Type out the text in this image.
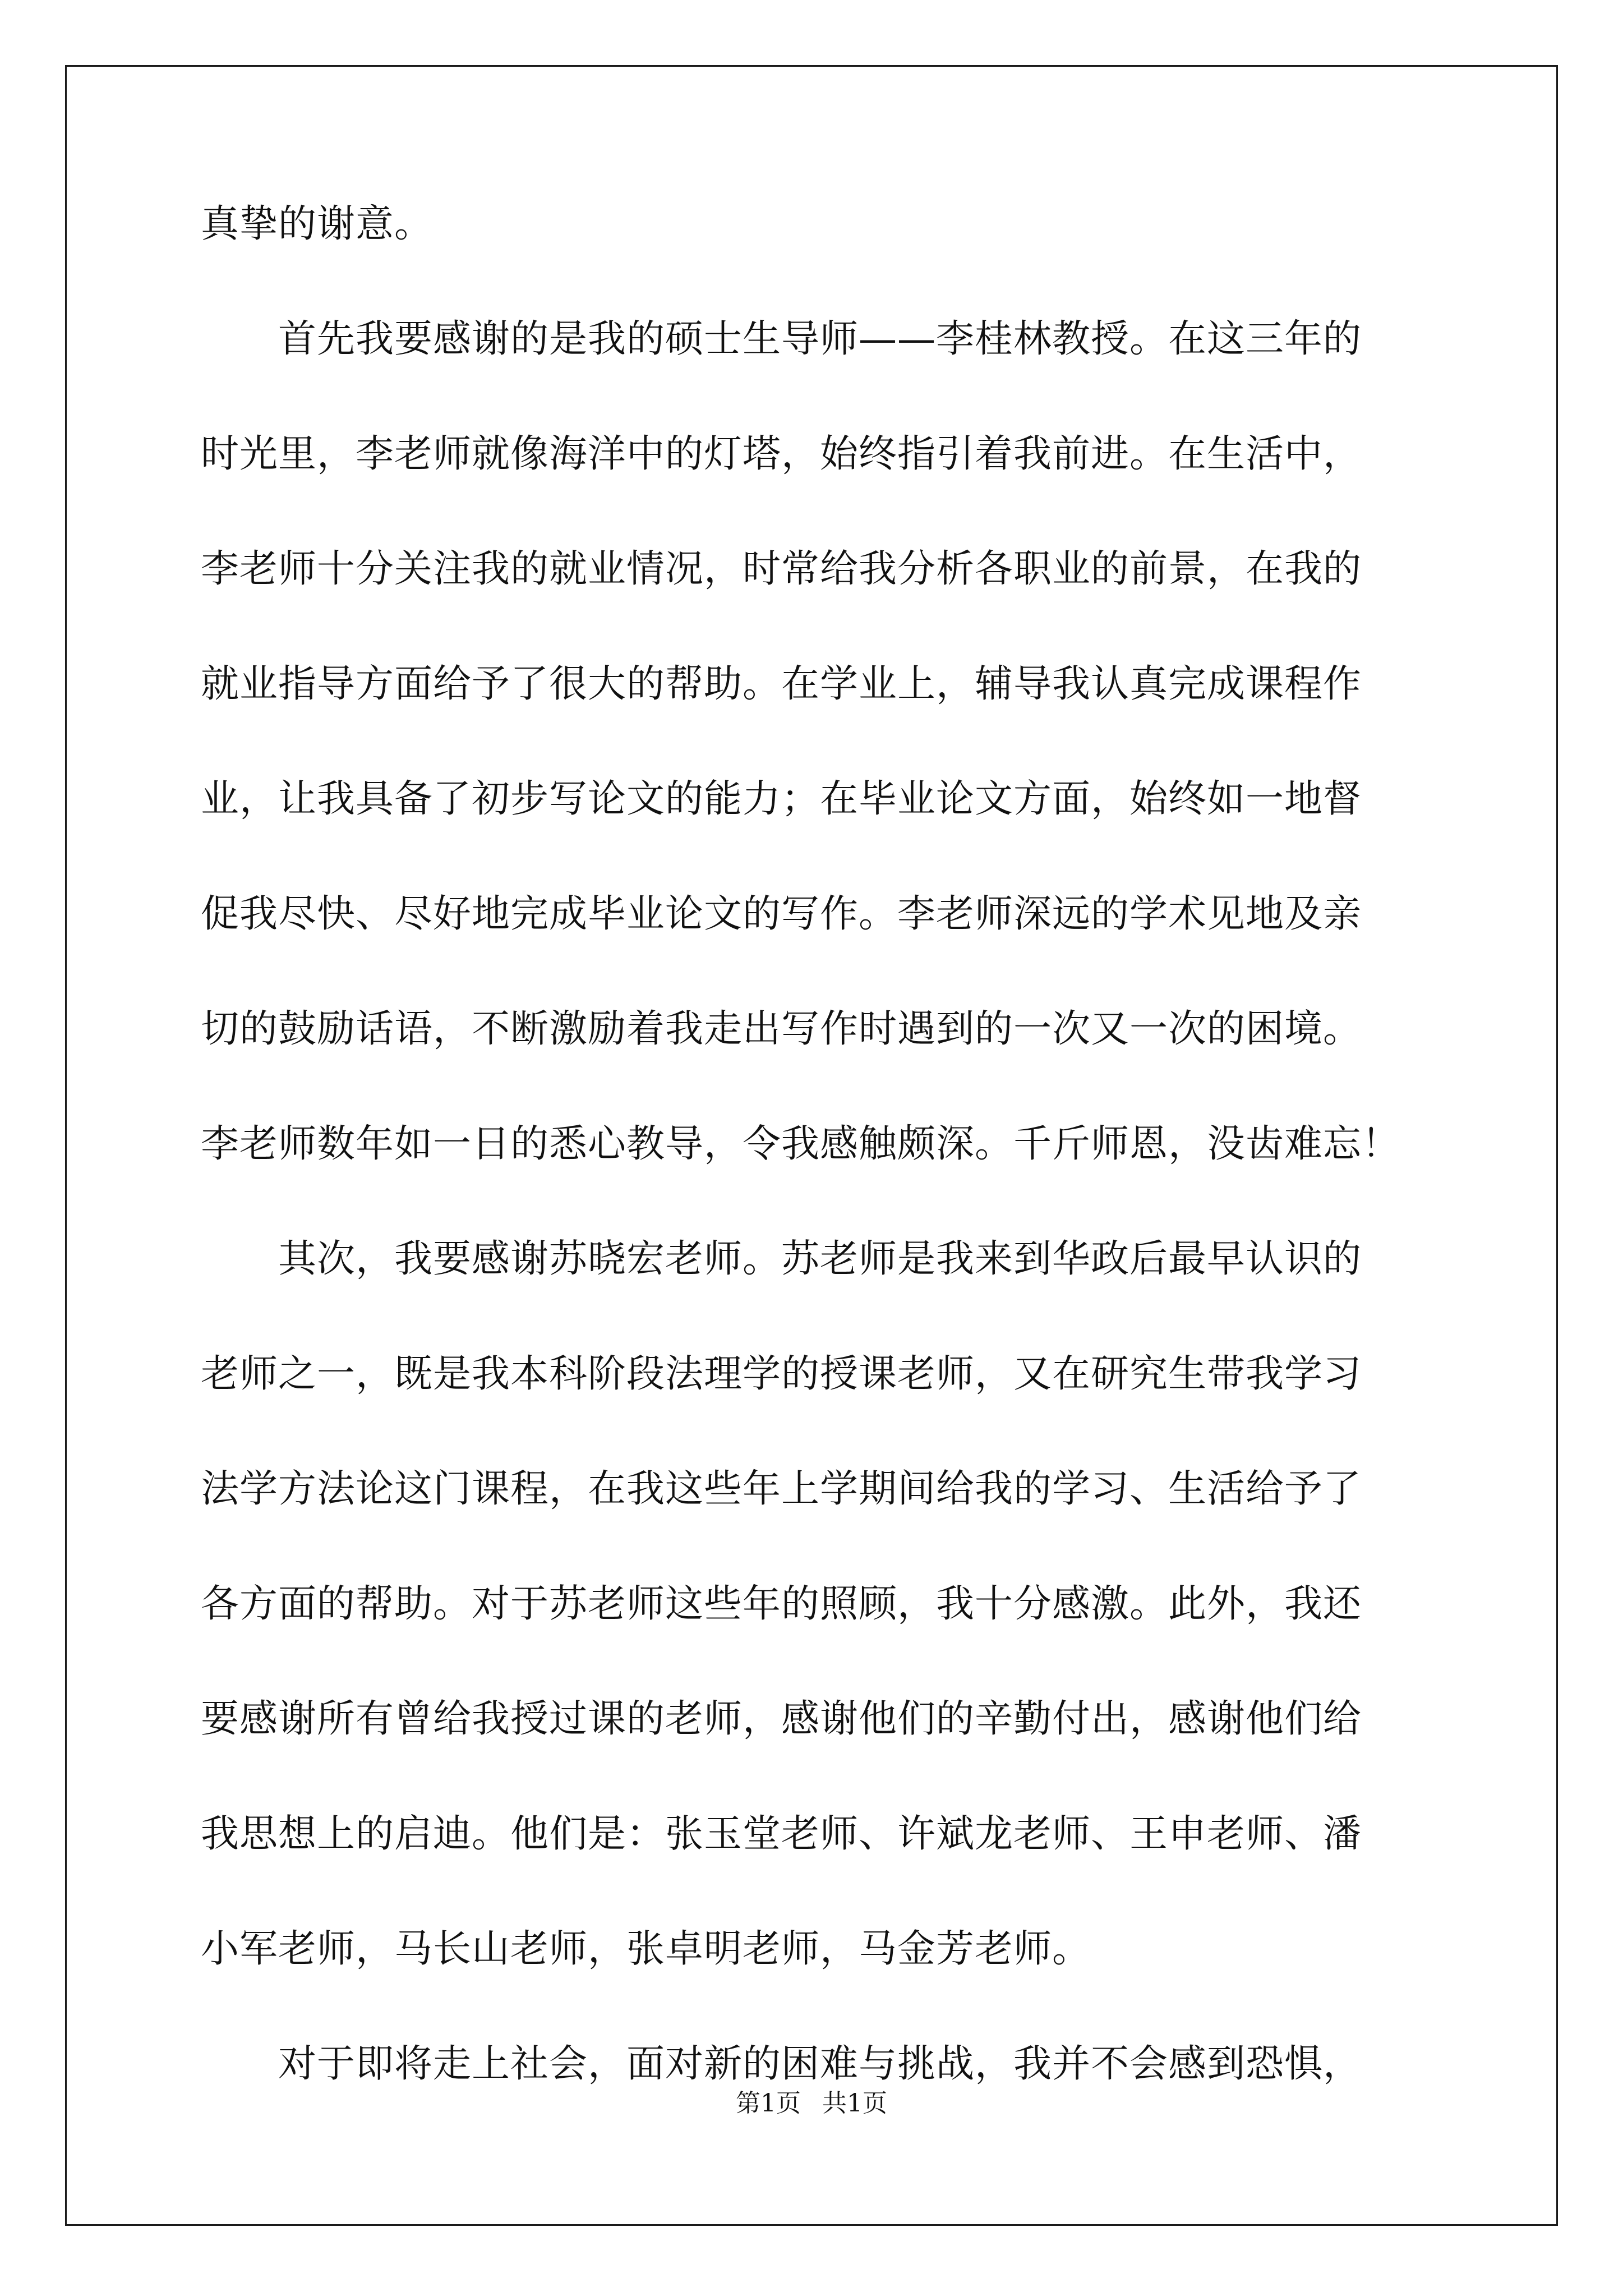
真挚的谢意。
　　首先我要感谢的是我的硕士生导师——李桂林教授。在这三年的
时光里，李老师就像海洋中的灯塔，始终指引着我前进。在生活中，
李老师十分关注我的就业情况，时常给我分析各职业的前景，在我的
就业指导方面给予了很大的帮助。在学业上，辅导我认真完成课程作
业，让我具备了初步写论文的能力；在毕业论文方面，始终如一地督
促我尽快、尽好地完成毕业论文的写作。李老师深远的学术见地及亲
切的鼓励话语，不断激励着我走出写作时遇到的一次又一次的困境。
李老师数年如一日的悉心教导，令我感触颇深。千斤师恩，没齿难忘！
　　其次，我要感谢苏晓宏老师。苏老师是我来到华政后最早认识的
老师之一，既是我本科阶段法理学的授课老师，又在研究生带我学习
法学方法论这门课程，在我这些年上学期间给我的学习、生活给予了
各方面的帮助。对于苏老师这些年的照顾，我十分感激。此外，我还
要感谢所有曾给我授过课的老师，感谢他们的辛勤付出，感谢他们给
我思想上的启迪。他们是：张玉堂老师、许斌龙老师、王申老师、潘
小军老师，马长山老师，张卓明老师，马金芳老师。
　　对于即将走上社会，面对新的困难与挑战，我并不会感到恐惧，
第1页 共1页
